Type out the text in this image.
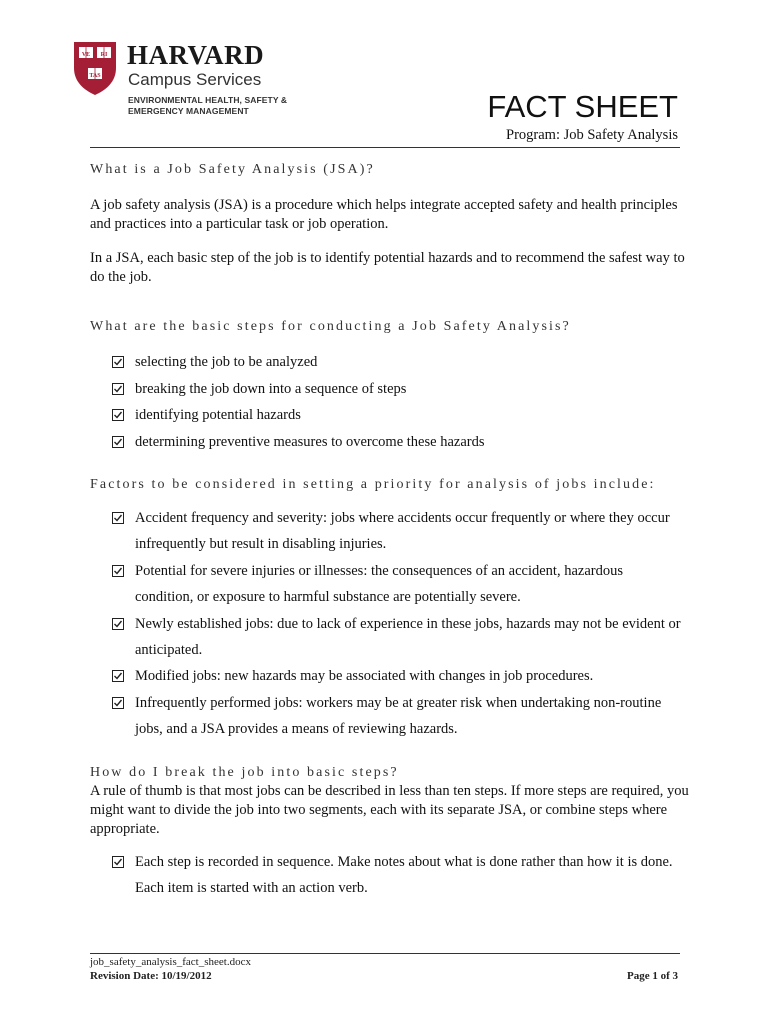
VE RI
TAS
HARVARD
Campus Services
ENVIRONMENTAL HEALTH, SAFETY & EMERGENCY MANAGEMENT	FACT SHEET
Program: Job Safety Analysis
What is a Job Safety Analysis (JSA)?
A job safety analysis (JSA) is a procedure which helps integrate accepted safety and health principles and practices into a particular task or job operation.
In a JSA, each basic step of the job is to identify potential hazards and to recommend the safest way to do the job.
What are the basic steps for conducting a Job Safety Analysis?
selecting the job to be analyzed
breaking the job down into a sequence of steps
identifying potential hazards
determining preventive measures to overcome these hazards
Factors to be considered in setting a priority for analysis of jobs include:
Accident frequency and severity: jobs where accidents occur frequently or where they occur infrequently but result in disabling injuries.
Potential for severe injuries or illnesses: the consequences of an accident, hazardous condition, or exposure to harmful substance are potentially severe.
Newly established jobs: due to lack of experience in these jobs, hazards may not be evident or anticipated.
Modified jobs: new hazards may be associated with changes in job procedures.
Infrequently performed jobs: workers may be at greater risk when undertaking non-routine jobs, and a JSA provides a means of reviewing hazards.
How do I break the job into basic steps?
A rule of thumb is that most jobs can be described in less than ten steps. If more steps are required, you might want to divide the job into two segments, each with its separate JSA, or combine steps where appropriate.
Each step is recorded in sequence. Make notes about what is done rather than how it is done. Each item is started with an action verb.
job_safety_analysis_fact_sheet.docx
Revision Date: 10/19/2012	Page 1 of 3
